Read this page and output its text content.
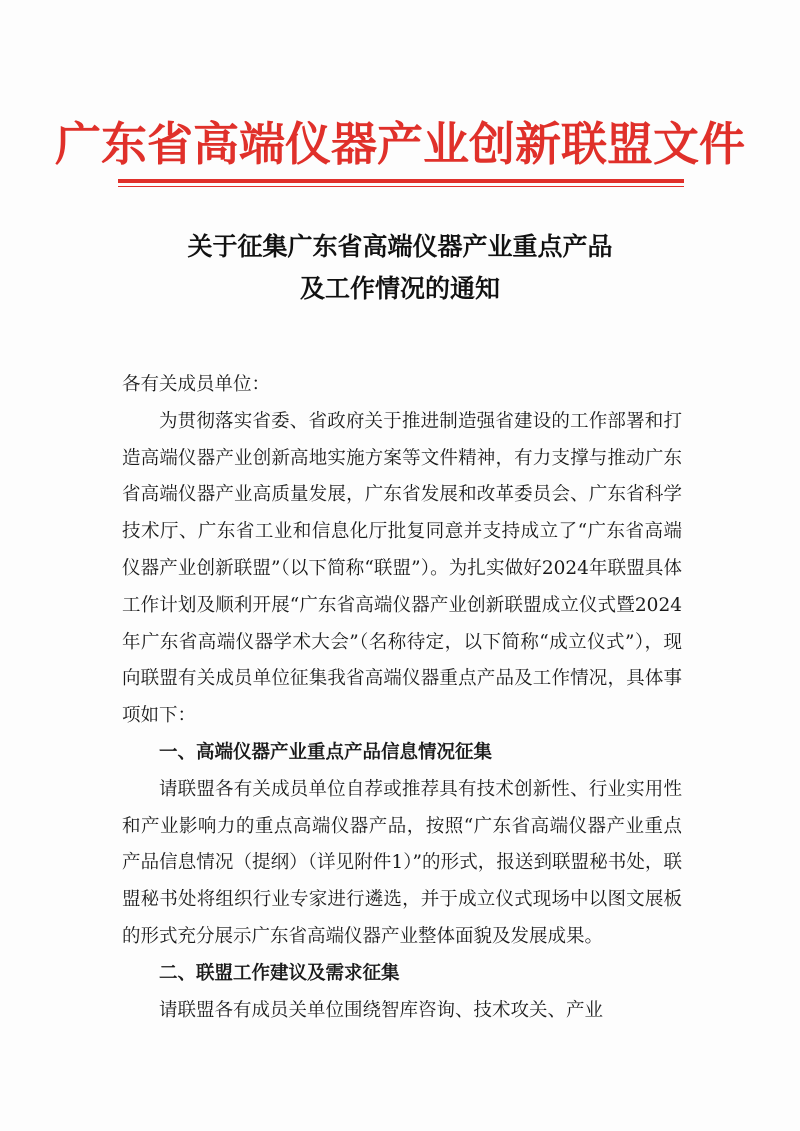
广东省高端仪器产业创新联盟文件
关于征集广东省高端仪器产业重点产品
及工作情况的通知
各有关成员单位：

为贯彻落实省委、省政府关于推进制造强省建设的工作部署和打造高端仪器产业创新高地实施方案等文件精神，有力支撑与推动广东省高端仪器产业高质量发展，广东省发展和改革委员会、广东省科学技术厅、广东省工业和信息化厅批复同意并支持成立了“广东省高端仪器产业创新联盟”（以下简称“联盟”）。为扎实做好2024年联盟具体工作计划及顺利开展“广东省高端仪器产业创新联盟成立仪式暨2024年广东省高端仪器学术大会”（名称待定，以下简称“成立仪式”），现向联盟有关成员单位征集我省高端仪器重点产品及工作情况，具体事项如下：

一、高端仪器产业重点产品信息情况征集

请联盟各有关成员单位自荐或推荐具有技术创新性、行业实用性和产业影响力的重点高端仪器产品，按照“广东省高端仪器产业重点产品信息情况（提纲）（详见附件1）”的形式，报送到联盟秘书处，联盟秘书处将组织行业专家进行遴选，并于成立仪式现场中以图文展板的形式充分展示广东省高端仪器产业整体面貌及发展成果。

二、联盟工作建议及需求征集

请联盟各有成员关单位围绕智库咨询、技术攻关、产业
